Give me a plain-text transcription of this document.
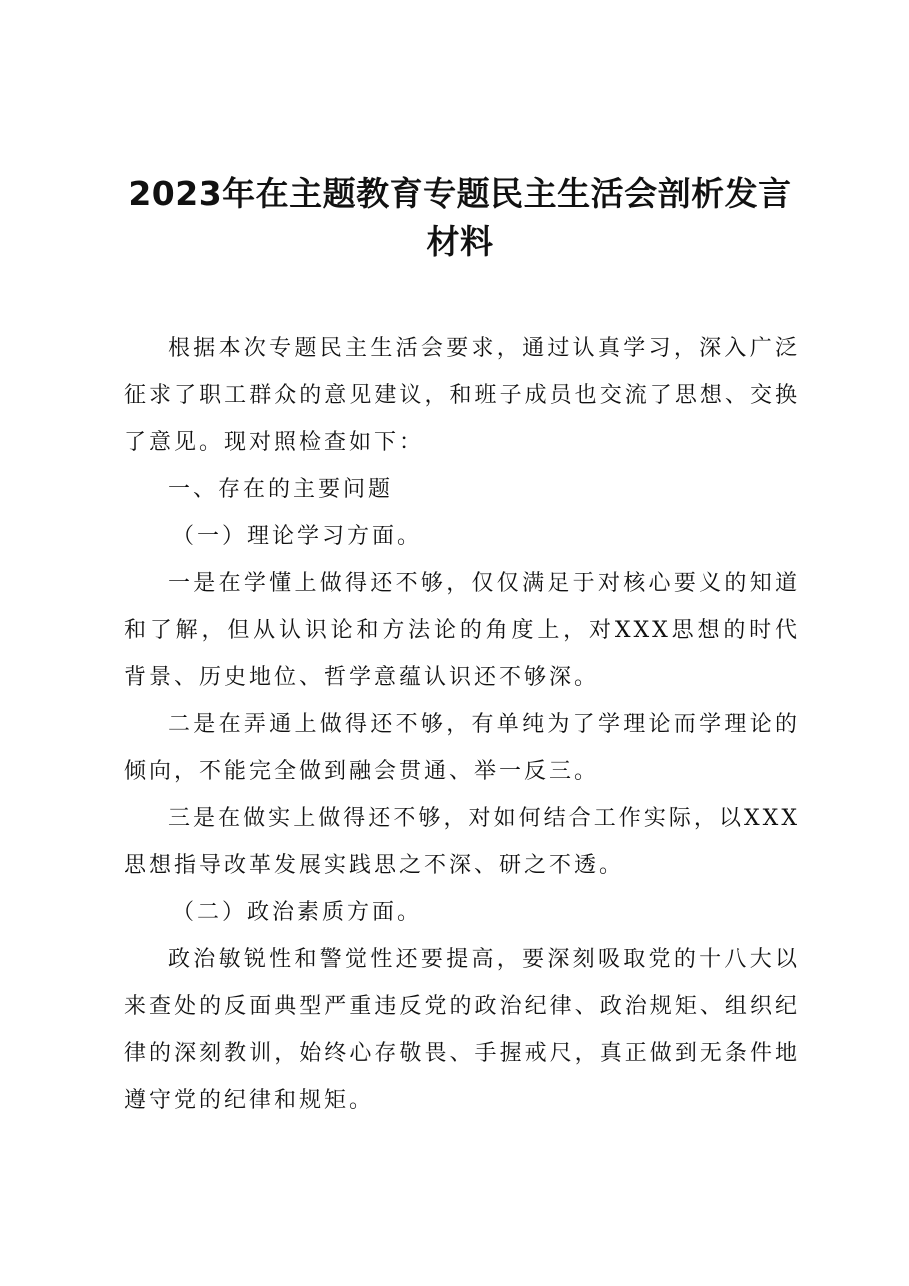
2023年在主题教育专题民主生活会剖析发言
材料

根据本次专题民主生活会要求，通过认真学习，深入广泛征求了职工群众的意见建议，和班子成员也交流了思想、交换了意见。现对照检查如下：

一、存在的主要问题

（一）理论学习方面。

一是在学懂上做得还不够，仅仅满足于对核心要义的知道和了解，但从认识论和方法论的角度上，对XXX思想的时代背景、历史地位、哲学意蕴认识还不够深。

二是在弄通上做得还不够，有单纯为了学理论而学理论的倾向，不能完全做到融会贯通、举一反三。

三是在做实上做得还不够，对如何结合工作实际，以XXX思想指导改革发展实践思之不深、研之不透。

（二）政治素质方面。

政治敏锐性和警觉性还要提高，要深刻吸取党的十八大以来查处的反面典型严重违反党的政治纪律、政治规矩、组织纪律的深刻教训，始终心存敬畏、手握戒尺，真正做到无条件地遵守党的纪律和规矩。
